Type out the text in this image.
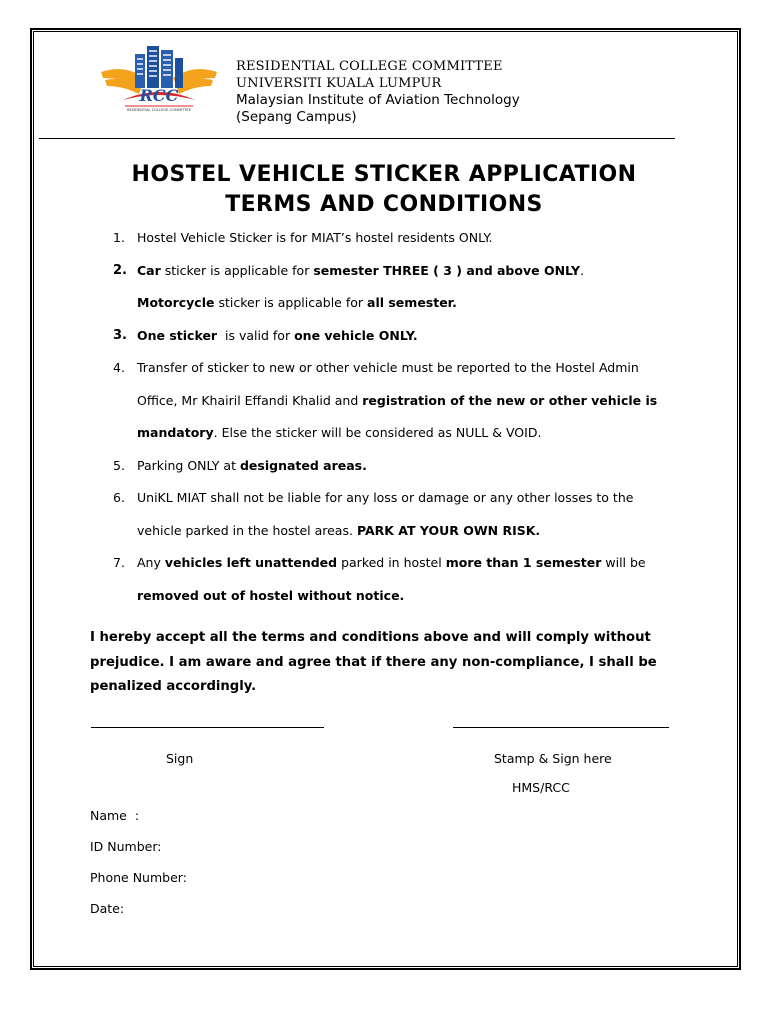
RCC
RESIDENTIAL COLLEGE COMMITTEE
RESIDENTIAL COLLEGE COMMITTEE
UNIVERSITI KUALA LUMPUR
Malaysian Institute of Aviation Technology
(Sepang Campus)
HOSTEL VEHICLE STICKER APPLICATION
TERMS AND CONDITIONS
1. Hostel Vehicle Sticker is for MIAT’s hostel residents ONLY.
2. Car sticker is applicable for semester THREE ( 3 ) and above ONLY.
Motorcycle sticker is applicable for all semester.
3. One sticker  is valid for one vehicle ONLY.
4. Transfer of sticker to new or other vehicle must be reported to the Hostel Admin
Office, Mr Khairil Effandi Khalid and registration of the new or other vehicle is
mandatory. Else the sticker will be considered as NULL & VOID.
5. Parking ONLY at designated areas.
6. UniKL MIAT shall not be liable for any loss or damage or any other losses to the
vehicle parked in the hostel areas. PARK AT YOUR OWN RISK.
7. Any vehicles left unattended parked in hostel more than 1 semester will be
removed out of hostel without notice.
I hereby accept all the terms and conditions above and will comply without
prejudice. I am aware and agree that if there any non-compliance, I shall be
penalized accordingly.
Sign	Stamp & Sign here
HMS/RCC
Name  :
ID Number:
Phone Number:
Date:
